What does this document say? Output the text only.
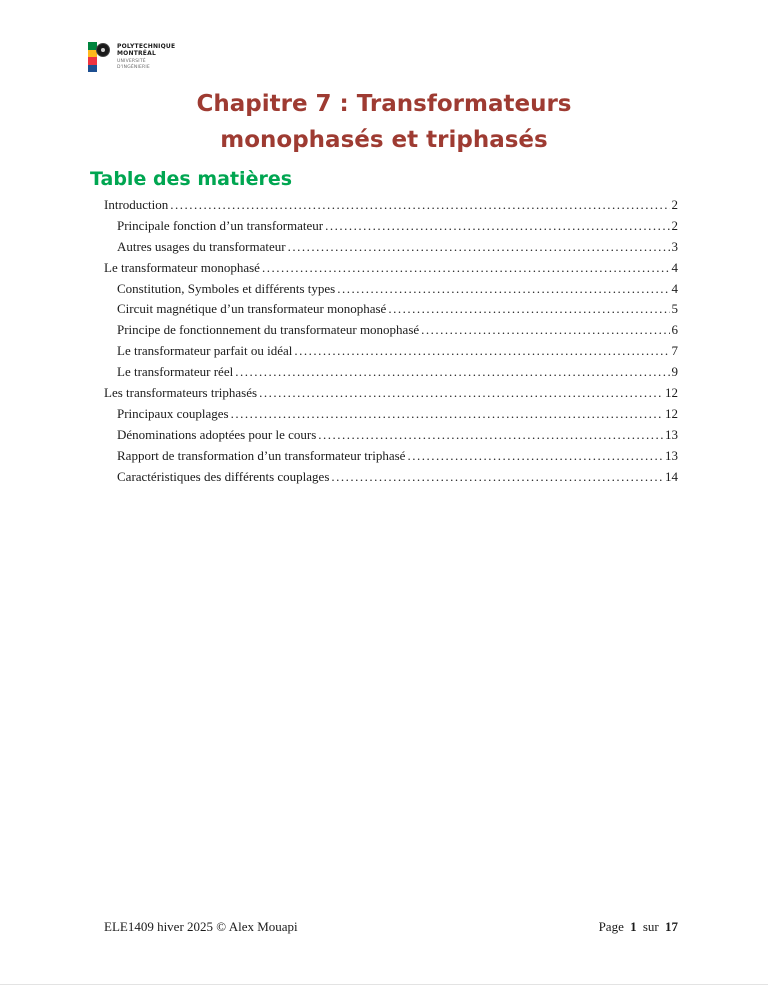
POLYTECHNIQUE
MONTRÉAL
UNIVERSITÉ
D'INGÉNIERIE
Chapitre 7 : Transformateurs
monophasés et triphasés
Table des matières
Introduction .....	2
Principale fonction d’un transformateur .....	2
Autres usages du transformateur .....	3
Le transformateur monophasé .....	4
Constitution, Symboles et différents types .....	4
Circuit magnétique d’un transformateur monophasé .....	5
Principe de fonctionnement du transformateur monophasé .....	6
Le transformateur parfait ou idéal .....	7
Le transformateur réel .....	9
Les transformateurs triphasés .....	12
Principaux couplages .....	12
Dénominations adoptées pour le cours .....	13
Rapport de transformation d’un transformateur triphasé .....	13
Caractéristiques des différents couplages .....	14
ELE1409 hiver 2025 © Alex Mouapi	Page 1 sur 17
